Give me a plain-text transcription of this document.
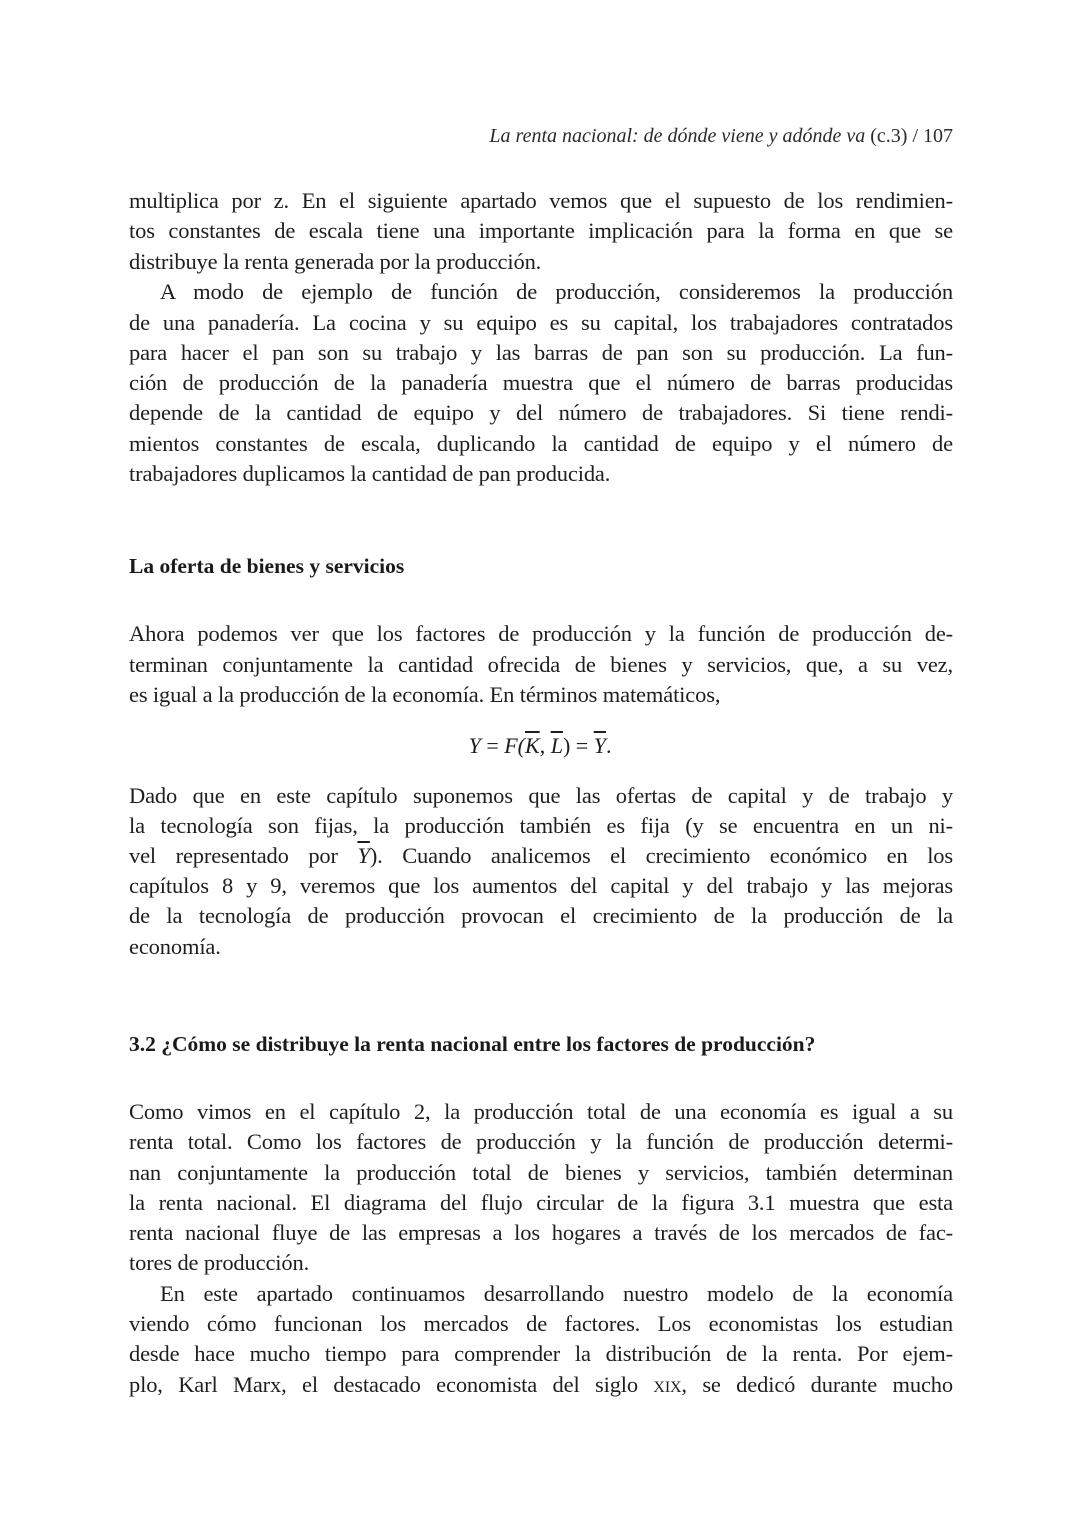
La renta nacional: de dónde viene y adónde va (c.3) / 107
multiplica por z. En el siguiente apartado vemos que el supuesto de los rendimien-
tos constantes de escala tiene una importante implicación para la forma en que se
distribuye la renta generada por la producción.
A modo de ejemplo de función de producción, consideremos la producción
de una panadería. La cocina y su equipo es su capital, los trabajadores contratados
para hacer el pan son su trabajo y las barras de pan son su producción. La fun-
ción de producción de la panadería muestra que el número de barras producidas
depende de la cantidad de equipo y del número de trabajadores. Si tiene rendi-
mientos constantes de escala, duplicando la cantidad de equipo y el número de
trabajadores duplicamos la cantidad de pan producida.
La oferta de bienes y servicios
Ahora podemos ver que los factores de producción y la función de producción de-
terminan conjuntamente la cantidad ofrecida de bienes y servicios, que, a su vez,
es igual a la producción de la economía. En términos matemáticos,
$Y = F(\overline{K}$, $\overline{L}) = \overline{Y}$.
Dado que en este capítulo suponemos que las ofertas de capital y de trabajo y
la tecnología son fijas, la producción también es fija (y se encuentra en un ni-
vel representado por $\overline{Y}$). Cuando analicemos el crecimiento económico en los
capítulos 8 y 9, veremos que los aumentos del capital y del trabajo y las mejoras
de la tecnología de producción provocan el crecimiento de la producción de la
economía.
3.2 ¿Cómo se distribuye la renta nacional entre los factores de producción?
Como vimos en el capítulo 2, la producción total de una economía es igual a su
renta total. Como los factores de producción y la función de producción determi-
nan conjuntamente la producción total de bienes y servicios, también determinan
la renta nacional. El diagrama del flujo circular de la figura 3.1 muestra que esta
renta nacional fluye de las empresas a los hogares a través de los mercados de fac-
tores de producción.
En este apartado continuamos desarrollando nuestro modelo de la economía
viendo cómo funcionan los mercados de factores. Los economistas los estudian
desde hace mucho tiempo para comprender la distribución de la renta. Por ejem-
plo, Karl Marx, el destacado economista del siglo xix, se dedicó durante mucho
